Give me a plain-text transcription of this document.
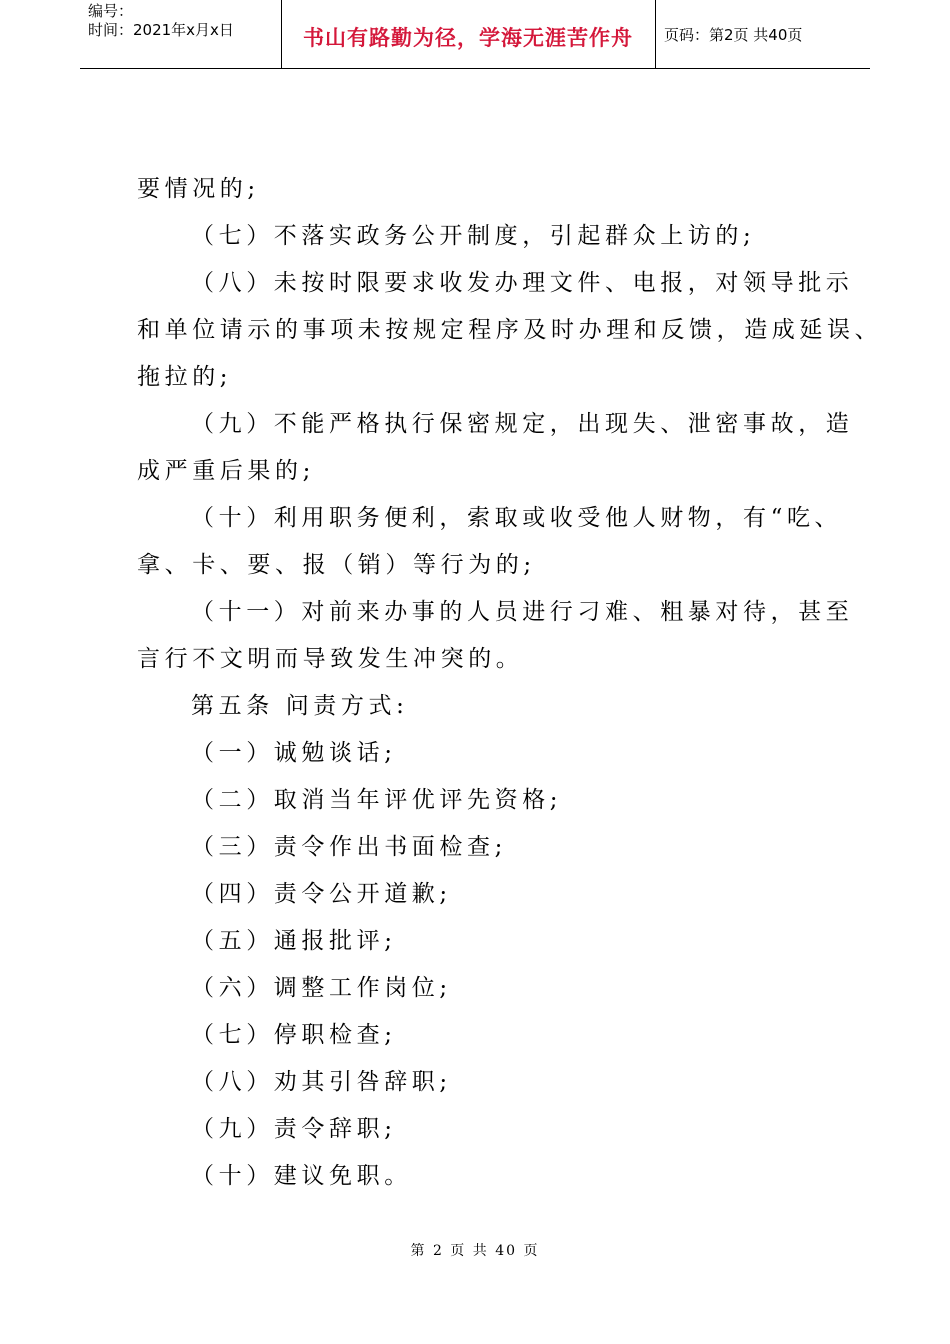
编号：
时间：2021年x月x日	书山有路勤为径，学海无涯苦作舟	页码：第2页 共40页

要情况的;

（七）不落实政务公开制度，引起群众上访的;

（八）未按时限要求收发办理文件、电报，对领导批示

和单位请示的事项未按规定程序及时办理和反馈，造成延误、

拖拉的;

（九）不能严格执行保密规定，出现失、泄密事故，造

成严重后果的;

（十）利用职务便利，索取或收受他人财物，有“吃、

拿、卡、要、报（销）等行为的;

（十一）对前来办事的人员进行刁难、粗暴对待，甚至

言行不文明而导致发生冲突的。

第五条 问责方式:

（一）诚勉谈话;

（二）取消当年评优评先资格;

（三）责令作出书面检查;

（四）责令公开道歉;

（五）通报批评;

（六）调整工作岗位;

（七）停职检查;

（八）劝其引咎辞职;

（九）责令辞职;

（十）建议免职。

第 2 页 共 40 页
